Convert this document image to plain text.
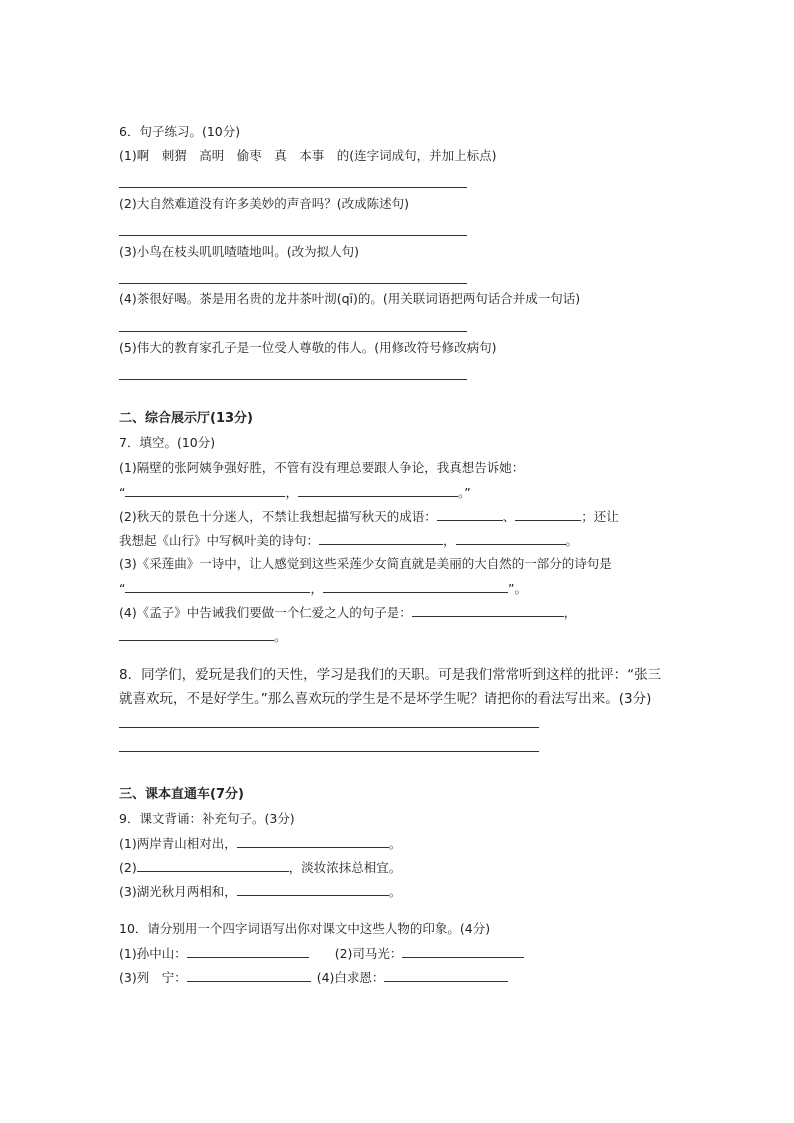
6．句子练习。(10分)
(1)啊　刺猬　高明　偷枣　真　本事　的(连字词成句，并加上标点)
(2)大自然难道没有许多美妙的声音吗？(改成陈述句)
(3)小鸟在枝头叽叽喳喳地叫。(改为拟人句)
(4)茶很好喝。茶是用名贵的龙井茶叶沏(qī)的。(用关联词语把两句话合并成一句话)
(5)伟大的教育家孔子是一位受人尊敬的伟人。(用修改符号修改病句)
二、综合展示厅(13分)
7．填空。(10分)
(1)隔壁的张阿姨争强好胜，不管有没有理总要跟人争论，我真想告诉她：
“	，	。”
(2)秋天的景色十分迷人，不禁让我想起描写秋天的成语：	、	；还让
我想起《山行》中写枫叶美的诗句：	，	。
(3)《采莲曲》一诗中，让人感觉到这些采莲少女简直就是美丽的大自然的一部分的诗句是
“	，	”。
(4)《孟子》中告诫我们要做一个仁爱之人的句子是：	，
。
8．同学们，爱玩是我们的天性，学习是我们的天职。可是我们常常听到这样的批评：“张三
就喜欢玩，不是好学生。”那么喜欢玩的学生是不是坏学生呢？请把你的看法写出来。(3分)
三、课本直通车(7分)
9．课文背诵：补充句子。(3分)
(1)两岸青山相对出，	。
(2)	，淡妆浓抹总相宜。
(3)湖光秋月两相和，	。
10．请分别用一个四字词语写出你对课文中这些人物的印象。(4分)
(1)孙中山：	(2)司马光：
(3)列　宁：	(4)白求恩：
